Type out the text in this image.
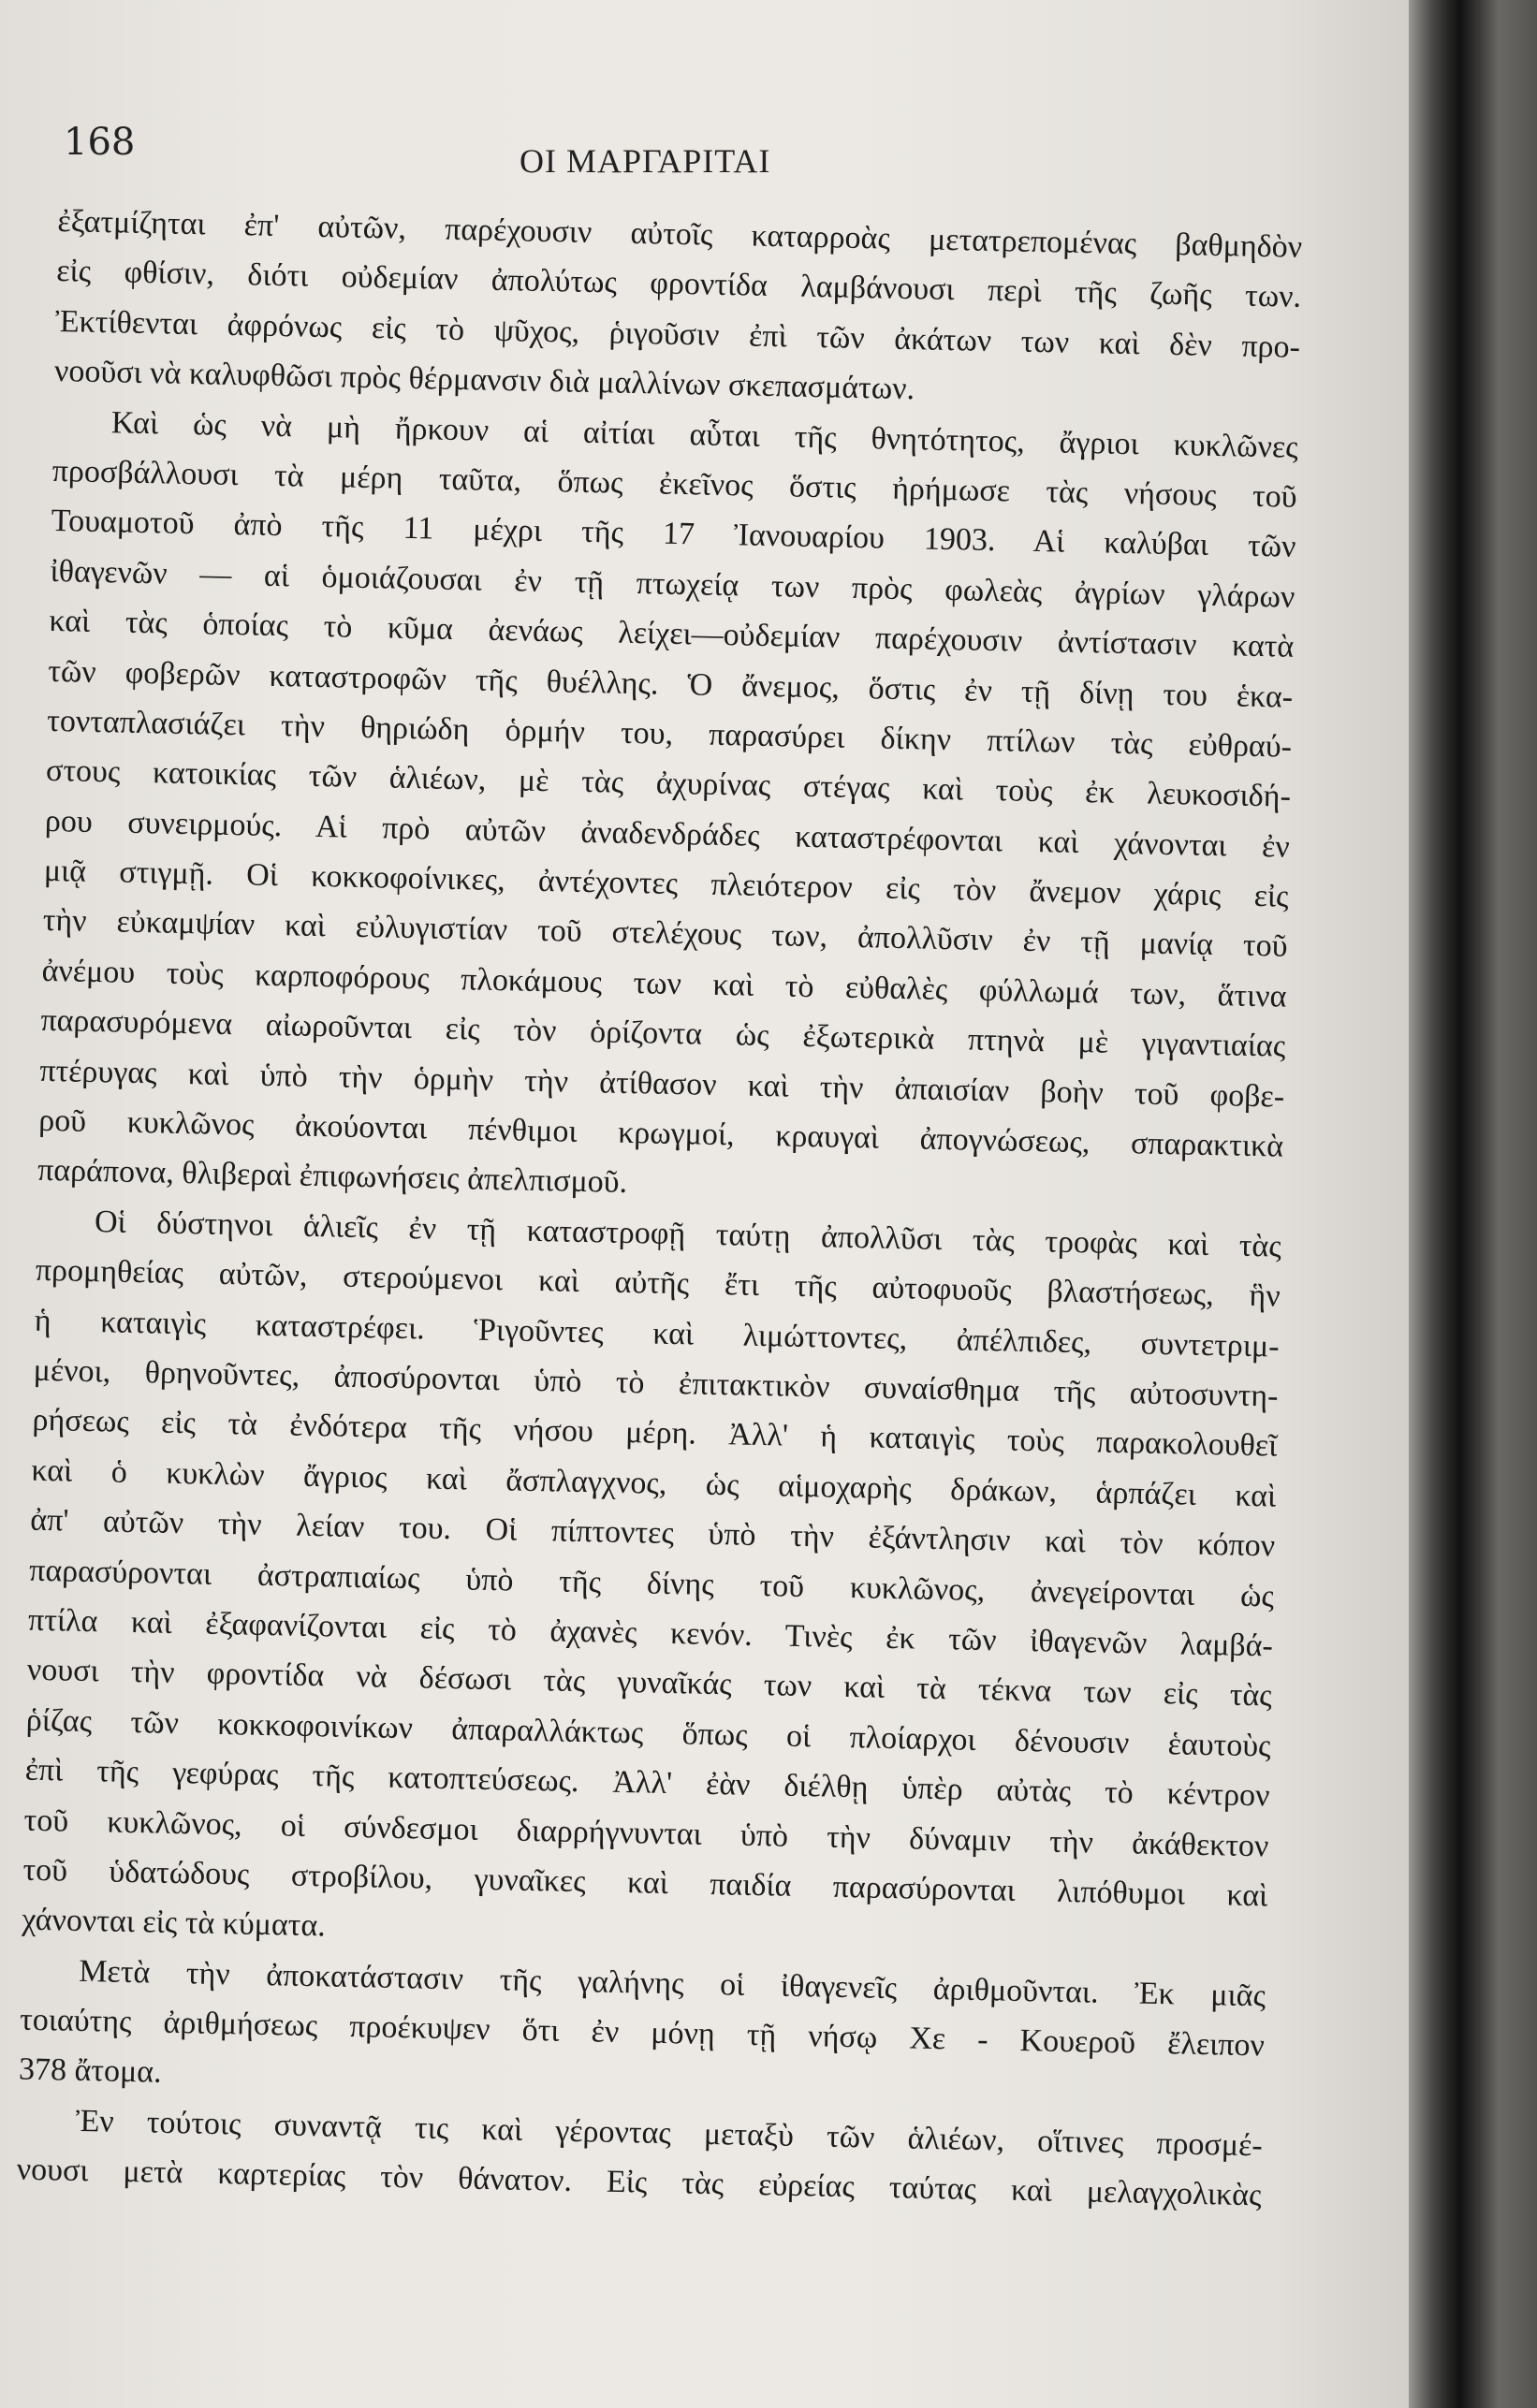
168	ΟΙ ΜΑΡΓΑΡΙΤΑΙ
ἐξατμίζηται ἐπ' αὐτῶν, παρέχουσιν αὐτοῖς καταρροὰς μετατρεπομένας βαθμηδὸν
εἰς φθίσιν, διότι οὐδεμίαν ἀπολύτως φροντίδα λαμβάνουσι περὶ τῆς ζωῆς των.
Ἐκτίθενται ἀφρόνως εἰς τὸ ψῦχος, ῥιγοῦσιν ἐπὶ τῶν ἀκάτων των καὶ δὲν προ-
νοοῦσι νὰ καλυφθῶσι πρὸς θέρμανσιν διὰ μαλλίνων σκεπασμάτων.
Καὶ ὡς νὰ μὴ ἤρκουν αἱ αἰτίαι αὗται τῆς θνητότητος, ἄγριοι κυκλῶνες
προσβάλλουσι τὰ μέρη ταῦτα, ὅπως ἐκεῖνος ὅστις ἠρήμωσε τὰς νήσους τοῦ
Τουαμοτοῦ ἀπὸ τῆς 11 μέχρι τῆς 17 Ἰανουαρίου 1903. Αἱ καλύβαι τῶν
ἰθαγενῶν — αἱ ὁμοιάζουσαι ἐν τῇ πτωχείᾳ των πρὸς φωλεὰς ἀγρίων γλάρων
καὶ τὰς ὁποίας τὸ κῦμα ἀενάως λείχει—οὐδεμίαν παρέχουσιν ἀντίστασιν κατὰ
τῶν φοβερῶν καταστροφῶν τῆς θυέλλης. Ὁ ἄνεμος, ὅστις ἐν τῇ δίνῃ του ἑκα-
τονταπλασιάζει τὴν θηριώδη ὁρμήν του, παρασύρει δίκην πτίλων τὰς εὐθραύ-
στους κατοικίας τῶν ἁλιέων, μὲ τὰς ἀχυρίνας στέγας καὶ τοὺς ἐκ λευκοσιδή-
ρου συνειρμούς. Αἱ πρὸ αὐτῶν ἀναδενδράδες καταστρέφονται καὶ χάνονται ἐν
μιᾷ στιγμῇ. Οἱ κοκκοφοίνικες, ἀντέχοντες πλειότερον εἰς τὸν ἄνεμον χάρις εἰς
τὴν εὐκαμψίαν καὶ εὐλυγιστίαν τοῦ στελέχους των, ἀπολλῦσιν ἐν τῇ μανίᾳ τοῦ
ἀνέμου τοὺς καρποφόρους πλοκάμους των καὶ τὸ εὐθαλὲς φύλλωμά των, ἅτινα
παρασυρόμενα αἰωροῦνται εἰς τὸν ὁρίζοντα ὡς ἐξωτερικὰ πτηνὰ μὲ γιγαντιαίας
πτέρυγας καὶ ὑπὸ τὴν ὁρμὴν τὴν ἀτίθασον καὶ τὴν ἀπαισίαν βοὴν τοῦ φοβε-
ροῦ κυκλῶνος ἀκούονται πένθιμοι κρωγμοί, κραυγαὶ ἀπογνώσεως, σπαρακτικὰ
παράπονα, θλιβεραὶ ἐπιφωνήσεις ἀπελπισμοῦ.
Οἱ δύστηνοι ἁλιεῖς ἐν τῇ καταστροφῇ ταύτῃ ἀπολλῦσι τὰς τροφὰς καὶ τὰς
προμηθείας αὐτῶν, στερούμενοι καὶ αὐτῆς ἔτι τῆς αὐτοφυοῦς βλαστήσεως, ἣν
ἡ καταιγὶς καταστρέφει. Ῥιγοῦντες καὶ λιμώττοντες, ἀπέλπιδες, συντετριμ-
μένοι, θρηνοῦντες, ἀποσύρονται ὑπὸ τὸ ἐπιτακτικὸν συναίσθημα τῆς αὐτοσυντη-
ρήσεως εἰς τὰ ἐνδότερα τῆς νήσου μέρη. Ἀλλ' ἡ καταιγὶς τοὺς παρακολουθεῖ
καὶ ὁ κυκλὼν ἄγριος καὶ ἄσπλαγχνος, ὡς αἱμοχαρὴς δράκων, ἁρπάζει καὶ
ἀπ' αὐτῶν τὴν λείαν του. Οἱ πίπτοντες ὑπὸ τὴν ἐξάντλησιν καὶ τὸν κόπον
παρασύρονται ἀστραπιαίως ὑπὸ τῆς δίνης τοῦ κυκλῶνος, ἀνεγείρονται ὡς
πτίλα καὶ ἐξαφανίζονται εἰς τὸ ἀχανὲς κενόν. Τινὲς ἐκ τῶν ἰθαγενῶν λαμβά-
νουσι τὴν φροντίδα νὰ δέσωσι τὰς γυναῖκάς των καὶ τὰ τέκνα των εἰς τὰς
ῥίζας τῶν κοκκοφοινίκων ἀπαραλλάκτως ὅπως οἱ πλοίαρχοι δένουσιν ἑαυτοὺς
ἐπὶ τῆς γεφύρας τῆς κατοπτεύσεως. Ἀλλ' ἐὰν διέλθῃ ὑπὲρ αὐτὰς τὸ κέντρον
τοῦ κυκλῶνος, οἱ σύνδεσμοι διαρρήγνυνται ὑπὸ τὴν δύναμιν τὴν ἀκάθεκτον
τοῦ ὑδατώδους στροβίλου, γυναῖκες καὶ παιδία παρασύρονται λιπόθυμοι καὶ
χάνονται εἰς τὰ κύματα.
Μετὰ τὴν ἀποκατάστασιν τῆς γαλήνης οἱ ἰθαγενεῖς ἀριθμοῦνται. Ἐκ μιᾶς
τοιαύτης ἀριθμήσεως προέκυψεν ὅτι ἐν μόνῃ τῇ νήσῳ Χε - Κουεροῦ ἔλειπον
378 ἄτομα.
Ἐν τούτοις συναντᾷ τις καὶ γέροντας μεταξὺ τῶν ἁλιέων, οἵτινες προσμέ-
νουσι μετὰ καρτερίας τὸν θάνατον. Εἰς τὰς εὐρείας ταύτας καὶ μελαγχολικὰς
